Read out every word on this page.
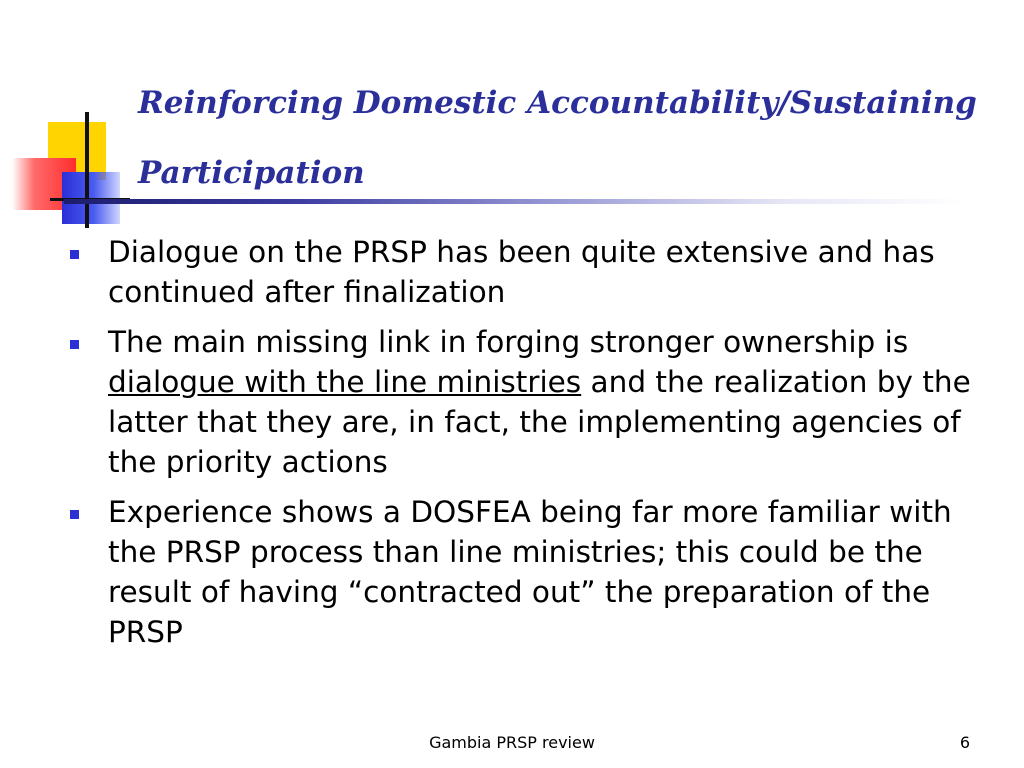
Reinforcing Domestic Accountability/Sustaining Participation
Dialogue on the PRSP has been quite extensive and has continued after finalization
The main missing link in forging stronger ownership is dialogue with the line ministries and the realization by the latter that they are, in fact, the implementing agencies of the priority actions
Experience shows a DOSFEA being far more familiar with the PRSP process than line ministries; this could be the result of having “contracted out” the preparation of the PRSP
Gambia PRSP review	6
